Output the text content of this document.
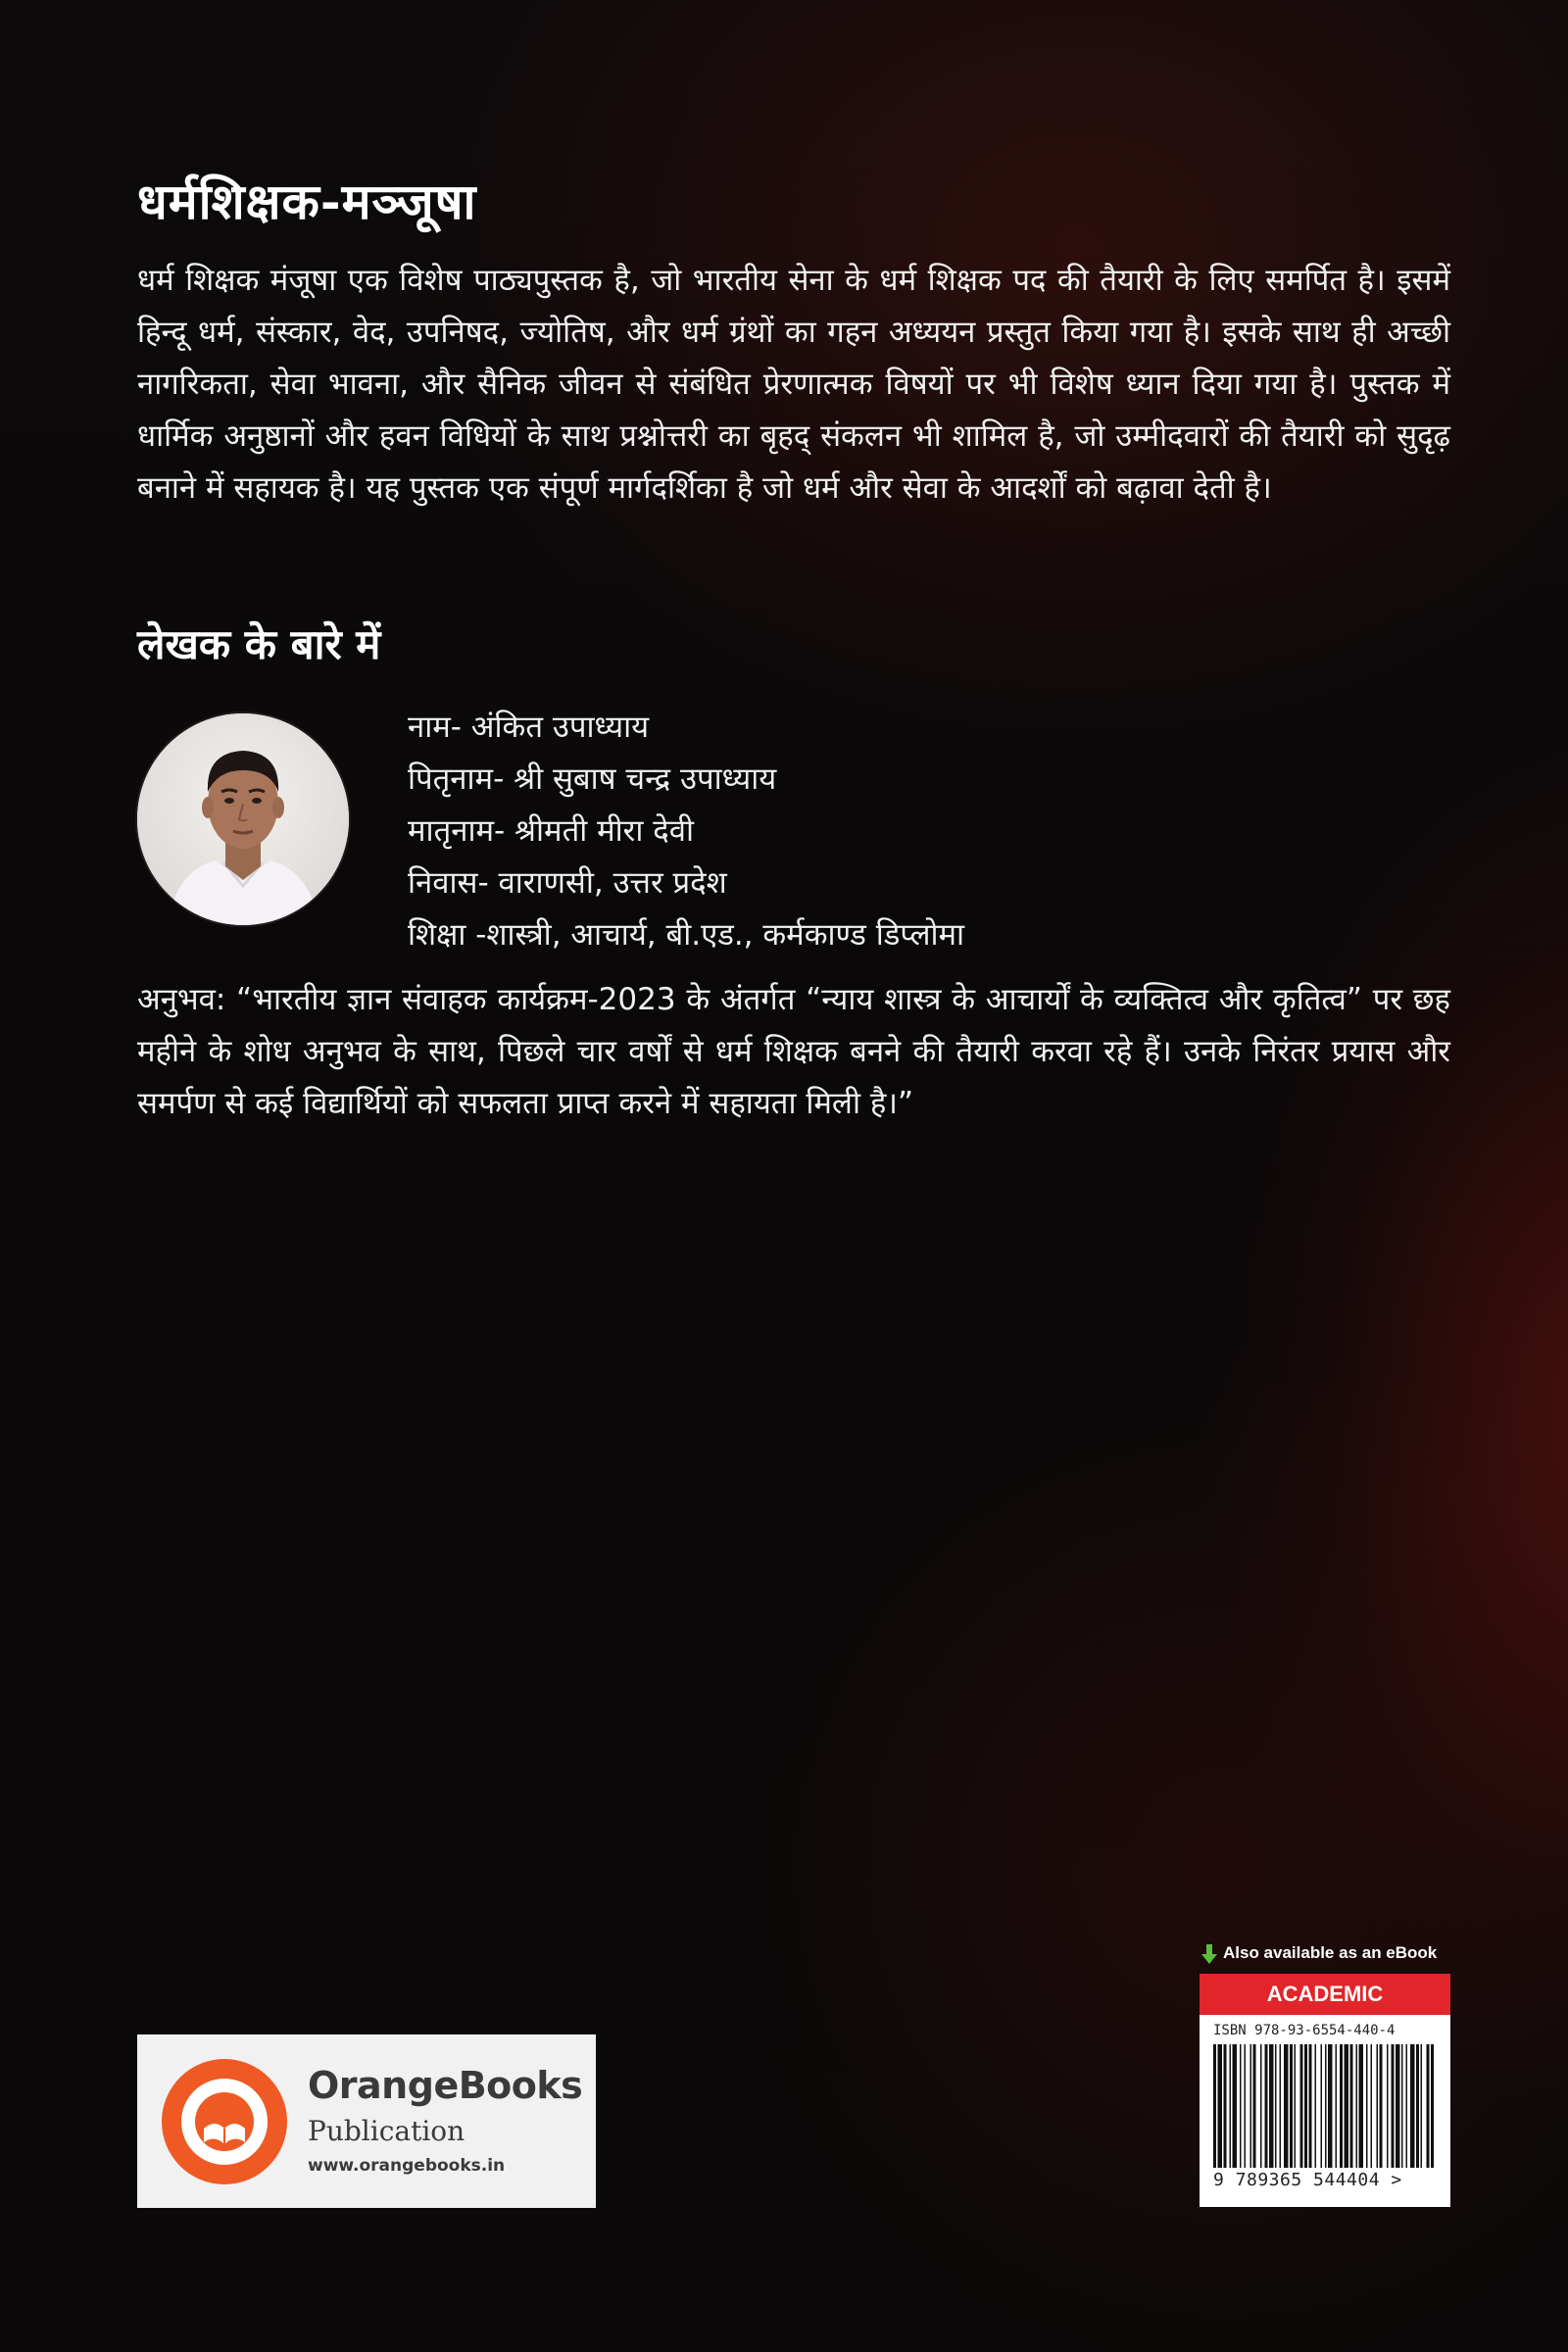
धर्मशिक्षक-मञ्जूषा
धर्म शिक्षक मंजूषा एक विशेष पाठ्यपुस्तक है, जो भारतीय सेना के धर्म शिक्षक पद की तैयारी के लिए समर्पित है। इसमें हिन्दू धर्म, संस्कार, वेद, उपनिषद, ज्योतिष, और धर्म ग्रंथों का गहन अध्ययन प्रस्तुत किया गया है। इसके साथ ही अच्छी नागरिकता, सेवा भावना, और सैनिक जीवन से संबंधित प्रेरणात्मक विषयों पर भी विशेष ध्यान दिया गया है। पुस्तक में धार्मिक अनुष्ठानों और हवन विधियों के साथ प्रश्नोत्तरी का बृहद् संकलन भी शामिल है, जो उम्मीदवारों की तैयारी को सुदृढ़ बनाने में सहायक है। यह पुस्तक एक संपूर्ण मार्गदर्शिका है जो धर्म और सेवा के आदर्शों को बढ़ावा देती है।
लेखक के बारे में
नाम- अंकित उपाध्याय
पितृनाम- श्री सुबाष चन्द्र उपाध्याय
मातृनाम- श्रीमती मीरा देवी
निवास- वाराणसी, उत्तर प्रदेश
शिक्षा -शास्त्री, आचार्य, बी.एड., कर्मकाण्ड डिप्लोमा
अनुभव: “भारतीय ज्ञान संवाहक कार्यक्रम-2023 के अंतर्गत “न्याय शास्त्र के आचार्यों के व्यक्तित्व और कृतित्व” पर छह महीने के शोध अनुभव के साथ, पिछले चार वर्षों से धर्म शिक्षक बनने की तैयारी करवा रहे हैं। उनके निरंतर प्रयास और समर्पण से कई विद्यार्थियों को सफलता प्राप्त करने में सहायता मिली है।”
OrangeBooks
Publication
www.orangebooks.in
Also available as an eBook
ACADEMIC
ISBN 978-93-6554-440-4
9 789365 544404 >
